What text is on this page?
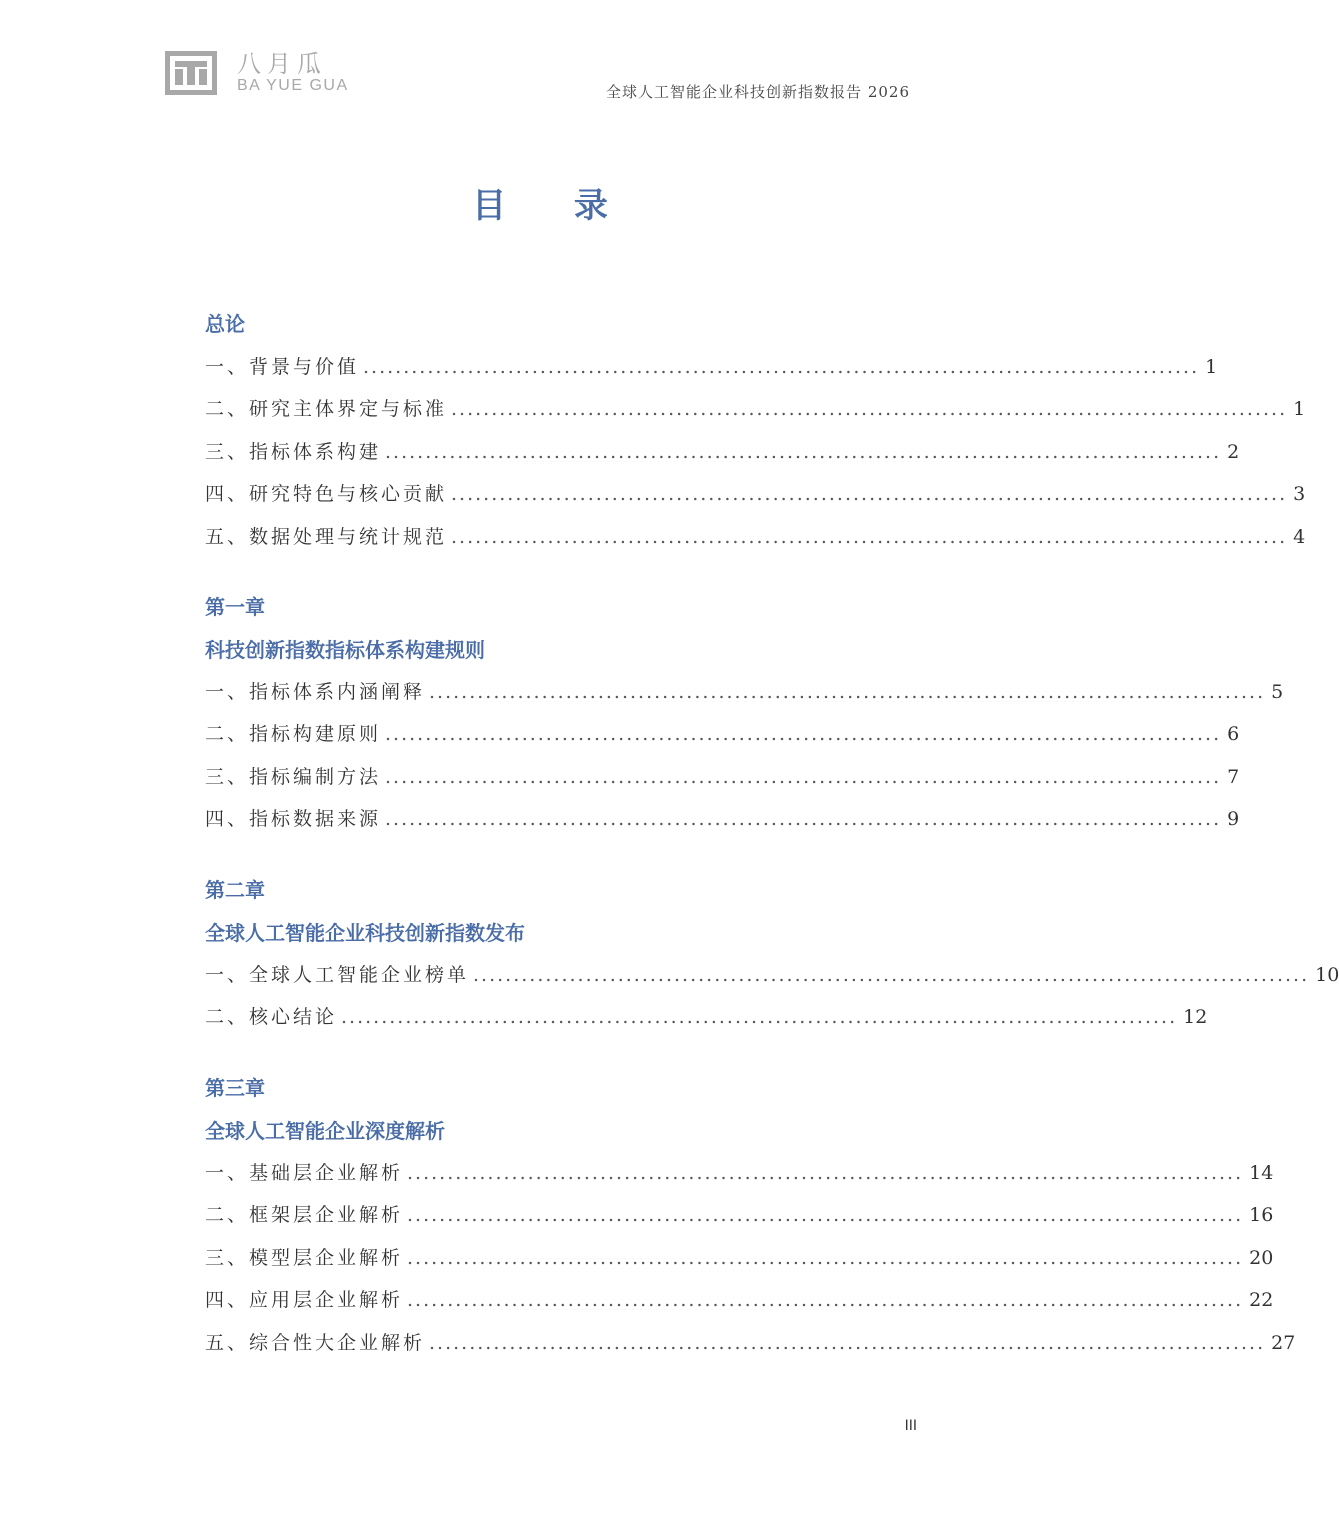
八月瓜
BA YUE GUA	全球人工智能企业科技创新指数报告 2026
目 录
总论
一、背景与价值 ........................................................................................................ 1
二、研究主体界定与标准 ........................................................................................................ 1
三、指标体系构建 ........................................................................................................ 2
四、研究特色与核心贡献 ........................................................................................................ 3
五、数据处理与统计规范 ........................................................................................................ 4
第一章
科技创新指数指标体系构建规则
一、指标体系内涵阐释 ........................................................................................................ 5
二、指标构建原则 ........................................................................................................ 6
三、指标编制方法 ........................................................................................................ 7
四、指标数据来源 ........................................................................................................ 9
第二章
全球人工智能企业科技创新指数发布
一、全球人工智能企业榜单 ........................................................................................................ 10
二、核心结论 ........................................................................................................ 12
第三章
全球人工智能企业深度解析
一、基础层企业解析 ........................................................................................................ 14
二、框架层企业解析 ........................................................................................................ 16
三、模型层企业解析 ........................................................................................................ 20
四、应用层企业解析 ........................................................................................................ 22
五、综合性大企业解析 ........................................................................................................ 27
III
